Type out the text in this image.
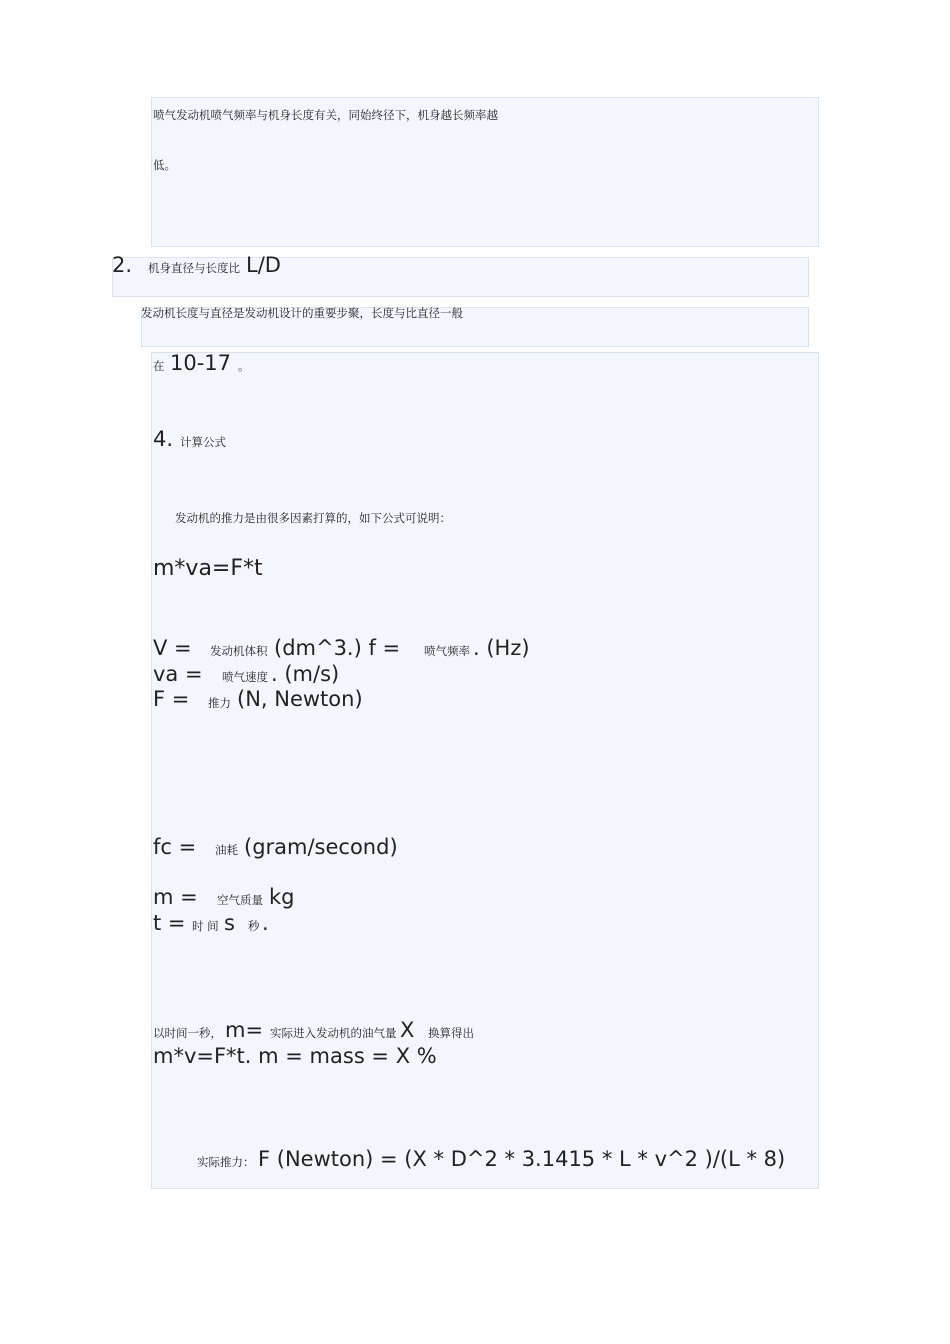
喷气发动机喷气频率与机身长度有关，同始终径下，机身越长频率越
低。
2. 机身直径与长度比 L/D
发动机长度与直径是发动机设计的重要步聚，长度与比直径一般
在 10-17 。
4. 计算公式
发动机的推力是由很多因素打算的，如下公式可说明：
m*va=F*t
V = 发动机体积 (dm^3.) f = 喷气频率 . (Hz)
va = 喷气速度 . (m/s)
F = 推力 (N, Newton)
fc = 油耗 (gram/second)
m = 空气质量 kg
t = 时 间 s 秒 .
以时间一秒， m= 实际进入发动机的油气量 X 换算得出
m*v=F*t. m = mass = X %
实际推力： F (Newton) = (X * D^2 * 3.1415 * L * v^2 )/(L * 8)
